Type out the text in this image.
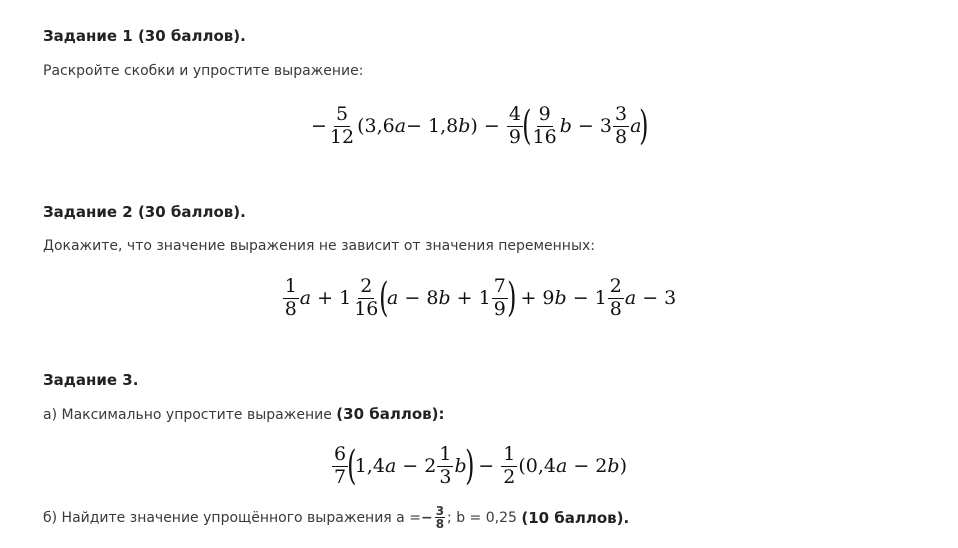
Задание 1 (30 баллов).
Раскройте скобки и упростите выражение:
− $\frac{5}{12} (3,6$ a − 1,8 b ) − $\frac{4}{9}$ ( $\frac{9}{16}$ $b - 3 \frac{3}{8}$ a
)
Задание 2 (30 баллов).
Докажите, что значение выражения не зависит от значения переменных:
$\frac{1}{8}$ $a + 1 \frac{2}{16}$ (
a − 8 $b + 1 \frac{7}{9}$ )
+ 9 $b - 1 \frac{2}{8}$ a − 3
Задание 3.
а) Максимально упростите выражение (30 баллов):
$\frac{6}{7}$ (
1,4 $a - 2 \frac{1}{3}$ b
)
− $\frac{1}{2} (0,4$ a − 2 b )
б) Найдите значение упрощённого выражения a = − $\frac{3}{8}$ ; b = 0,25 (10 баллов).
